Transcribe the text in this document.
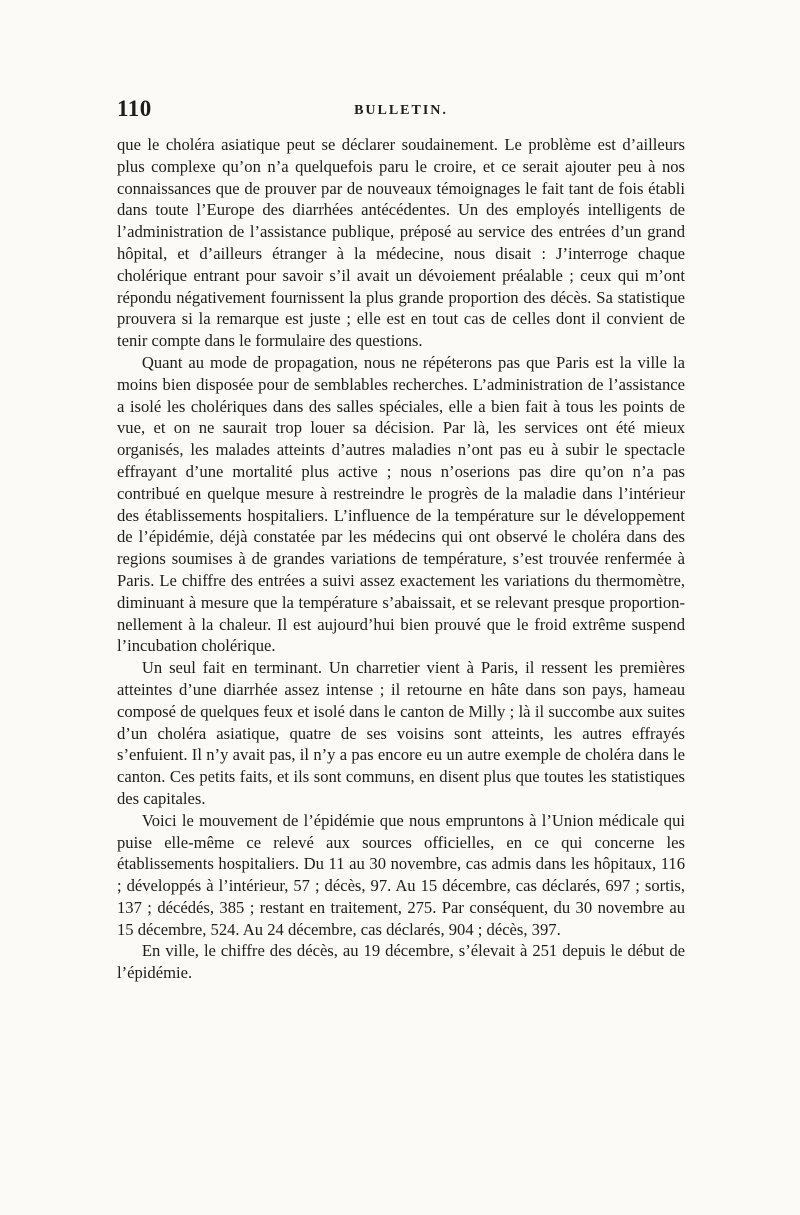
110	BULLETIN.

que le choléra asiatique peut se déclarer soudainement. Le problème est d’ailleurs plus complexe qu’on n’a quelquefois paru le croire, et ce serait ajouter peu à nos connaissances que de prouver par de nouveaux témoignages le fait tant de fois établi dans toute l’Europe des diarrhées antécédentes. Un des employés intelligents de l’administration de l’assistance publique, préposé au service des entrées d’un grand hôpital, et d’ailleurs étranger à la médecine, nous disait : J’interroge chaque cholérique entrant pour savoir s’il avait un dévoiement préalable ; ceux qui m’ont répondu négativement fournissent la plus grande proportion des décès. Sa statistique prouvera si la remarque est juste ; elle est en tout cas de celles dont il convient de tenir compte dans le formulaire des questions.

Quant au mode de propagation, nous ne répéterons pas que Paris est la ville la moins bien disposée pour de semblables recherches. L’administration de l’assistance a isolé les cholériques dans des salles spéciales, elle a bien fait à tous les points de vue, et on ne saurait trop louer sa décision. Par là, les services ont été mieux organisés, les malades atteints d’autres maladies n’ont pas eu à subir le spectacle effrayant d’une mortalité plus active ; nous n’oserions pas dire qu’on n’a pas contribué en quelque mesure à restreindre le progrès de la maladie dans l’intérieur des établissements hospitaliers. L’influence de la température sur le développement de l’épidémie, déjà constatée par les médecins qui ont observé le choléra dans des regions soumises à de grandes variations de température, s’est trouvée renfermée à Paris. Le chiffre des entrées a suivi assez exactement les variations du thermomètre, diminuant à mesure que la température s’abaissait, et se relevant presque proportionnellement à la chaleur. Il est aujourd’hui bien prouvé que le froid extrême suspend l’incubation cholérique.

Un seul fait en terminant. Un charretier vient à Paris, il ressent les premières atteintes d’une diarrhée assez intense ; il retourne en hâte dans son pays, hameau composé de quelques feux et isolé dans le canton de Milly ; là il succombe aux suites d’un choléra asiatique, quatre de ses voisins sont atteints, les autres effrayés s’enfuient. Il n’y avait pas, il n’y a pas encore eu un autre exemple de choléra dans le canton. Ces petits faits, et ils sont communs, en disent plus que toutes les statistiques des capitales.

Voici le mouvement de l’épidémie que nous empruntons à l’Union médicale qui puise elle-même ce relevé aux sources officielles, en ce qui concerne les établissements hospitaliers. Du 11 au 30 novembre, cas admis dans les hôpitaux, 116 ; développés à l’intérieur, 57 ; décès, 97. Au 15 décembre, cas déclarés, 697 ; sortis, 137 ; décédés, 385 ; restant en traitement, 275. Par conséquent, du 30 novembre au 15 décembre, 524. Au 24 décembre, cas déclarés, 904 ; décès, 397.

En ville, le chiffre des décès, au 19 décembre, s’élevait à 251 depuis le début de l’épidémie.
